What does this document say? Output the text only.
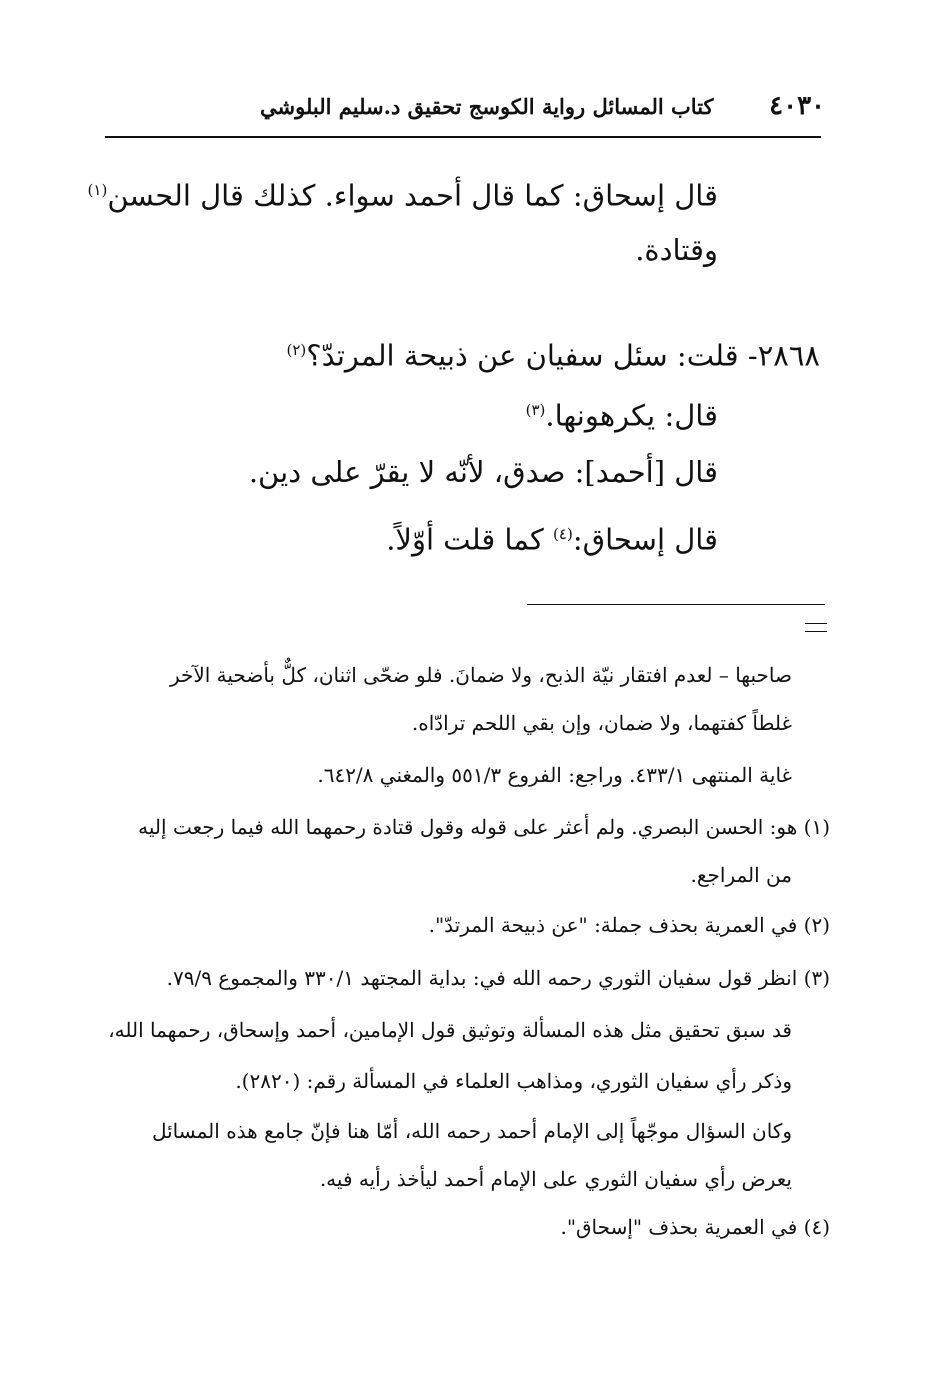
٤٠٣٠
كتاب المسائل رواية الكوسج تحقيق د.سليم البلوشي
قال إسحاق: كما قال أحمد سواء. كذلك قال الحسن$^{(١)}$
وقتادة.
٢٨٦٨- قلت: سئل سفيان عن ذبيحة المرتدّ؟$^{(٢)}$
قال: يكرهونها.$^{(٣)}$
قال [أحمد]: صدق، لأنّه لا يقرّ على دين.
قال إسحاق:$^{(٤)}$ كما قلت أوّلاً.
صاحبها – لعدم افتقار نيّة الذبح، ولا ضمانَ. فلو ضحّى اثنان، كلٌّ بأضحية الآخر
غلطاً كفتهما، ولا ضمان، وإن بقي اللحم ترادّاه.
غاية المنتهى ٤٣٣/١. وراجع: الفروع ٥٥١/٣ والمغني ٦٤٢/٨.
(١) هو: الحسن البصري. ولم أعثر على قوله وقول قتادة رحمهما الله فيما رجعت إليه
من المراجع.
(٢) في العمرية بحذف جملة: "عن ذبيحة المرتدّ".
(٣) انظر قول سفيان الثوري رحمه الله في: بداية المجتهد ٣٣٠/١ والمجموع ٧٩/٩.
قد سبق تحقيق مثل هذه المسألة وتوثيق قول الإمامين، أحمد وإسحاق، رحمهما الله،
وذكر رأي سفيان الثوري، ومذاهب العلماء في المسألة رقم: (٢٨٢٠).
وكان السؤال موجّهاً إلى الإمام أحمد رحمه الله، أمّا هنا فإنّ جامع هذه المسائل
يعرض رأي سفيان الثوري على الإمام أحمد ليأخذ رأيه فيه.
(٤) في العمرية بحذف "إسحاق".
